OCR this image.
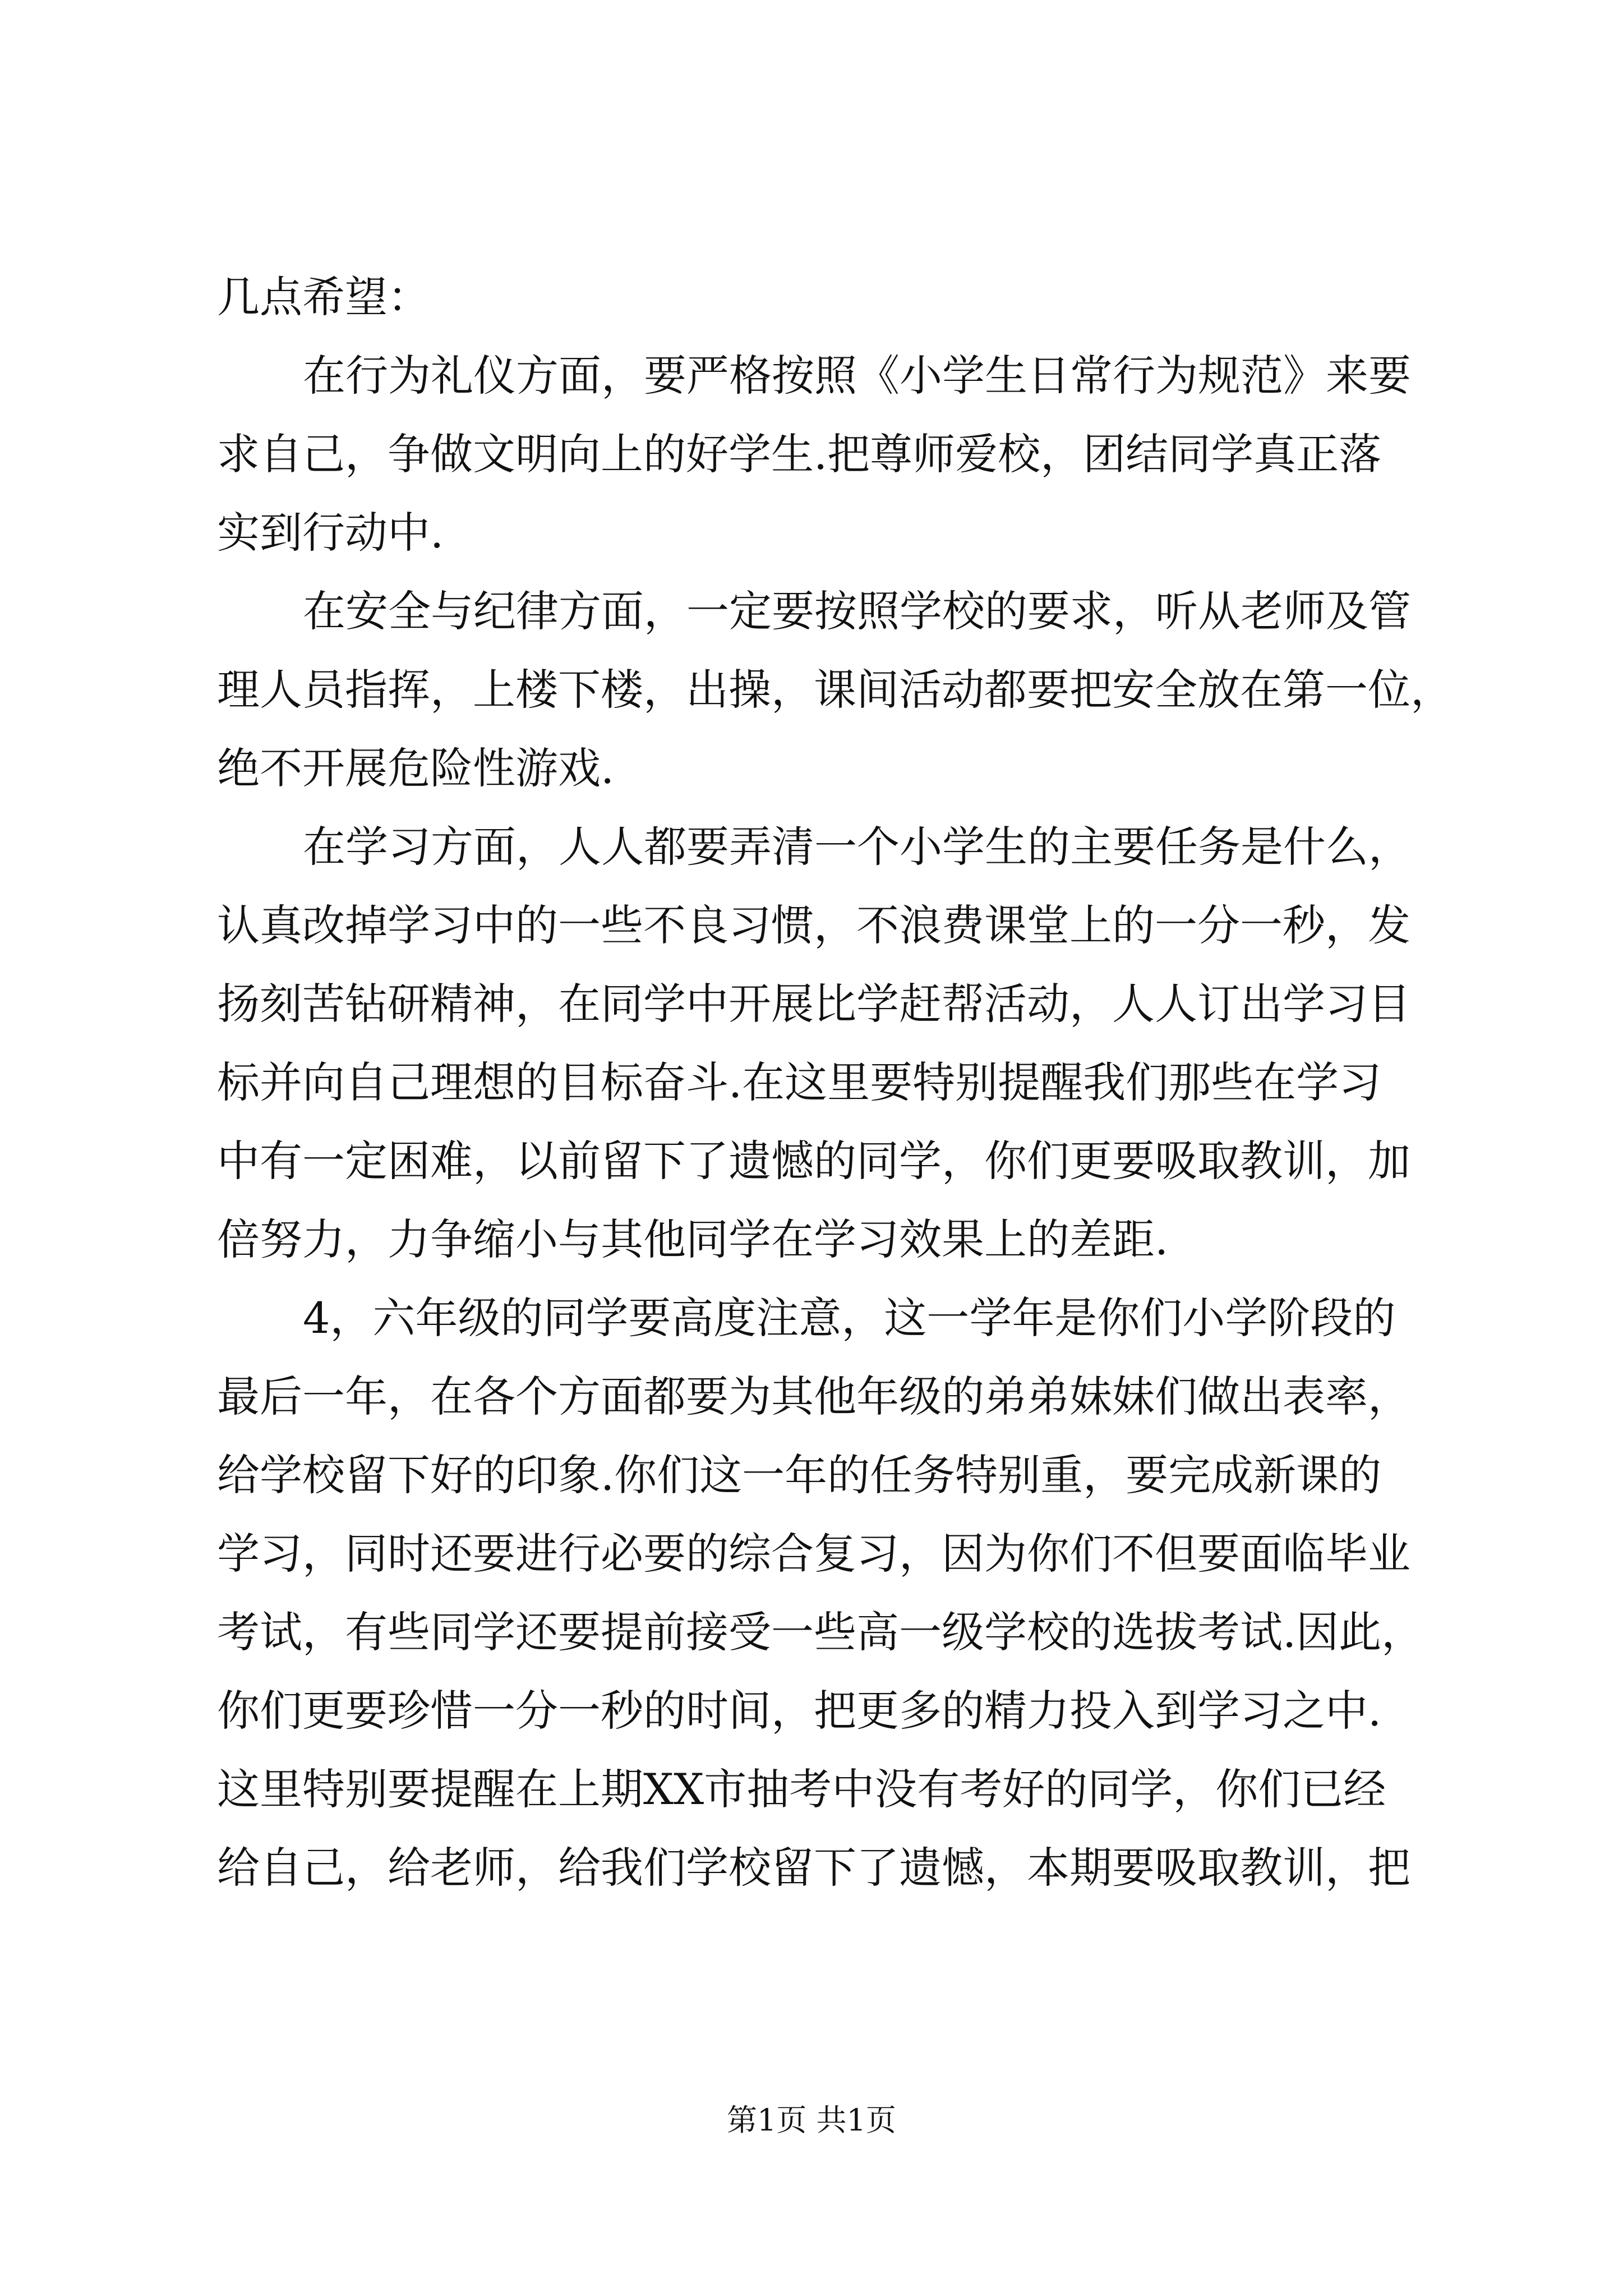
几点希望：
在行为礼仪方面，要严格按照《小学生日常行为规范》来要
求自己，争做文明向上的好学生.把尊师爱校，团结同学真正落
实到行动中.
在安全与纪律方面，一定要按照学校的要求，听从老师及管
理人员指挥，上楼下楼，出操，课间活动都要把安全放在第一位，
绝不开展危险性游戏.
在学习方面，人人都要弄清一个小学生的主要任务是什么，
认真改掉学习中的一些不良习惯，不浪费课堂上的一分一秒，发
扬刻苦钻研精神，在同学中开展比学赶帮活动，人人订出学习目
标并向自己理想的目标奋斗.在这里要特别提醒我们那些在学习
中有一定困难，以前留下了遗憾的同学，你们更要吸取教训，加
倍努力，力争缩小与其他同学在学习效果上的差距.
4，六年级的同学要高度注意，这一学年是你们小学阶段的
最后一年，在各个方面都要为其他年级的弟弟妹妹们做出表率，
给学校留下好的印象.你们这一年的任务特别重，要完成新课的
学习，同时还要进行必要的综合复习，因为你们不但要面临毕业
考试，有些同学还要提前接受一些高一级学校的选拔考试.因此，
你们更要珍惜一分一秒的时间，把更多的精力投入到学习之中.
这里特别要提醒在上期XX市抽考中没有考好的同学，你们已经
给自己，给老师，给我们学校留下了遗憾，本期要吸取教训，把
第1页 共1页
